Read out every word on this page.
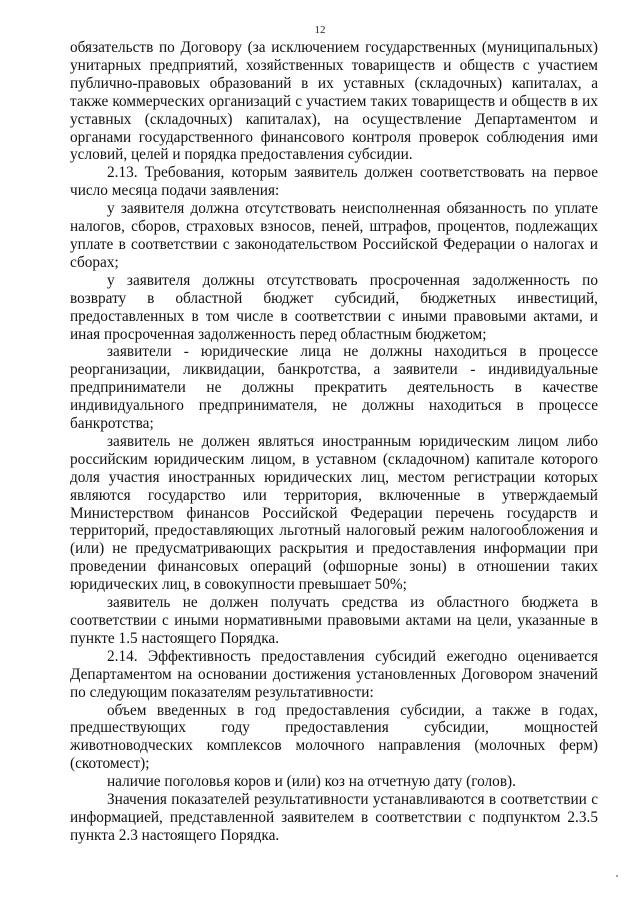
12

обязательств по Договору (за исключением государственных (муниципальных) унитарных предприятий, хозяйственных товариществ и обществ с участием публично-правовых образований в их уставных (складочных) капиталах, а также коммерческих организаций с участием таких товариществ и обществ в их уставных (складочных) капиталах), на осуществление Департаментом и органами государственного финансового контроля проверок соблюдения ими условий, целей и порядка предоставления субсидии.

2.13. Требования, которым заявитель должен соответствовать на первое число месяца подачи заявления:

у заявителя должна отсутствовать неисполненная обязанность по уплате налогов, сборов, страховых взносов, пеней, штрафов, процентов, подлежащих уплате в соответствии с законодательством Российской Федерации о налогах и сборах;

у заявителя должны отсутствовать просроченная задолженность по возврату в областной бюджет субсидий, бюджетных инвестиций, предоставленных в том числе в соответствии с иными правовыми актами, и иная просроченная задолженность перед областным бюджетом;

заявители - юридические лица не должны находиться в процессе реорганизации, ликвидации, банкротства, а заявители - индивидуальные предприниматели не должны прекратить деятельность в качестве индивидуального предпринимателя, не должны находиться в процессе банкротства;

заявитель не должен являться иностранным юридическим лицом либо российским юридическим лицом, в уставном (складочном) капитале которого доля участия иностранных юридических лиц, местом регистрации которых являются государство или территория, включенные в утверждаемый Министерством финансов Российской Федерации перечень государств и территорий, предоставляющих льготный налоговый режим налогообложения и (или) не предусматривающих раскрытия и предоставления информации при проведении финансовых операций (офшорные зоны) в отношении таких юридических лиц, в совокупности превышает 50%;

заявитель не должен получать средства из областного бюджета в соответствии с иными нормативными правовыми актами на цели, указанные в пункте 1.5 настоящего Порядка.

2.14. Эффективность предоставления субсидий ежегодно оценивается Департаментом на основании достижения установленных Договором значений по следующим показателям результативности:

объем введенных в год предоставления субсидии, а также в годах, предшествующих году предоставления субсидии, мощностей животноводческих комплексов молочного направления (молочных ферм) (скотомест);

наличие поголовья коров и (или) коз на отчетную дату (голов).

Значения показателей результативности устанавливаются в соответствии с информацией, представленной заявителем в соответствии с подпунктом 2.3.5 пункта 2.3 настоящего Порядка.
